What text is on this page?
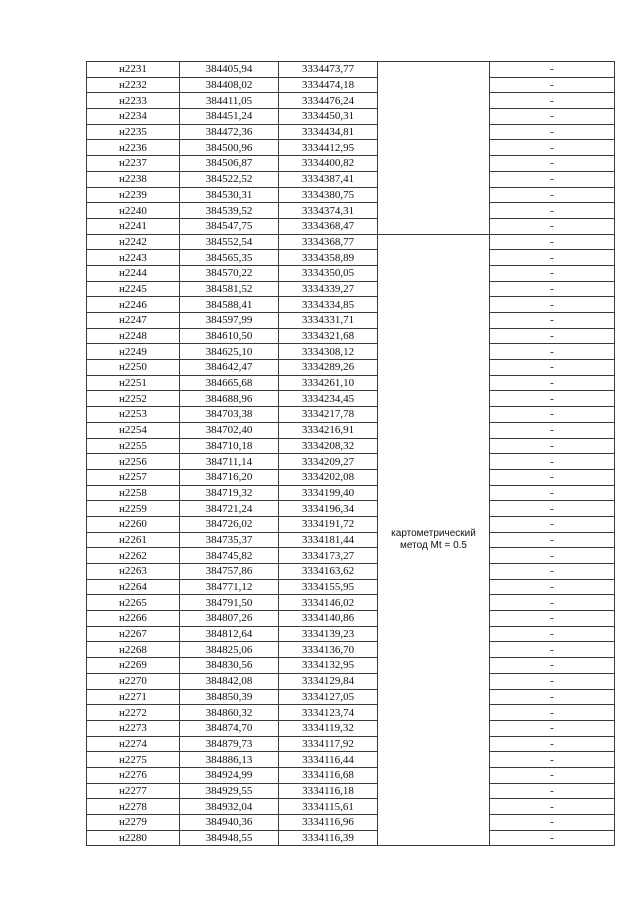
н2231	384405,94	3334473,77		-
н2232	384408,02	3334474,18		-
н2233	384411,05	3334476,24		-
н2234	384451,24	3334450,31		-
н2235	384472,36	3334434,81		-
н2236	384500,96	3334412,95		-
н2237	384506,87	3334400,82		-
н2238	384522,52	3334387,41		-
н2239	384530,31	3334380,75		-
н2240	384539,52	3334374,31		-
н2241	384547,75	3334368,47		-
н2242	384552,54	3334368,77	картометрический метод Mt = 0.5	-
н2243	384565,35	3334358,89		-
н2244	384570,22	3334350,05		-
н2245	384581,52	3334339,27		-
н2246	384588,41	3334334,85		-
н2247	384597,99	3334331,71		-
н2248	384610,50	3334321,68		-
н2249	384625,10	3334308,12		-
н2250	384642,47	3334289,26		-
н2251	384665,68	3334261,10		-
н2252	384688,96	3334234,45		-
н2253	384703,38	3334217,78		-
н2254	384702,40	3334216,91		-
н2255	384710,18	3334208,32		-
н2256	384711,14	3334209,27		-
н2257	384716,20	3334202,08		-
н2258	384719,32	3334199,40		-
н2259	384721,24	3334196,34		-
н2260	384726,02	3334191,72		-
н2261	384735,37	3334181,44		-
н2262	384745,82	3334173,27		-
н2263	384757,86	3334163,62		-
н2264	384771,12	3334155,95		-
н2265	384791,50	3334146,02		-
н2266	384807,26	3334140,86		-
н2267	384812,64	3334139,23		-
н2268	384825,06	3334136,70		-
н2269	384830,56	3334132,95		-
н2270	384842,08	3334129,84		-
н2271	384850,39	3334127,05		-
н2272	384860,32	3334123,74		-
н2273	384874,70	3334119,32		-
н2274	384879,73	3334117,92		-
н2275	384886,13	3334116,44		-
н2276	384924,99	3334116,68		-
н2277	384929,55	3334116,18		-
н2278	384932,04	3334115,61		-
н2279	384940,36	3334116,96		-
н2280	384948,55	3334116,39		-
